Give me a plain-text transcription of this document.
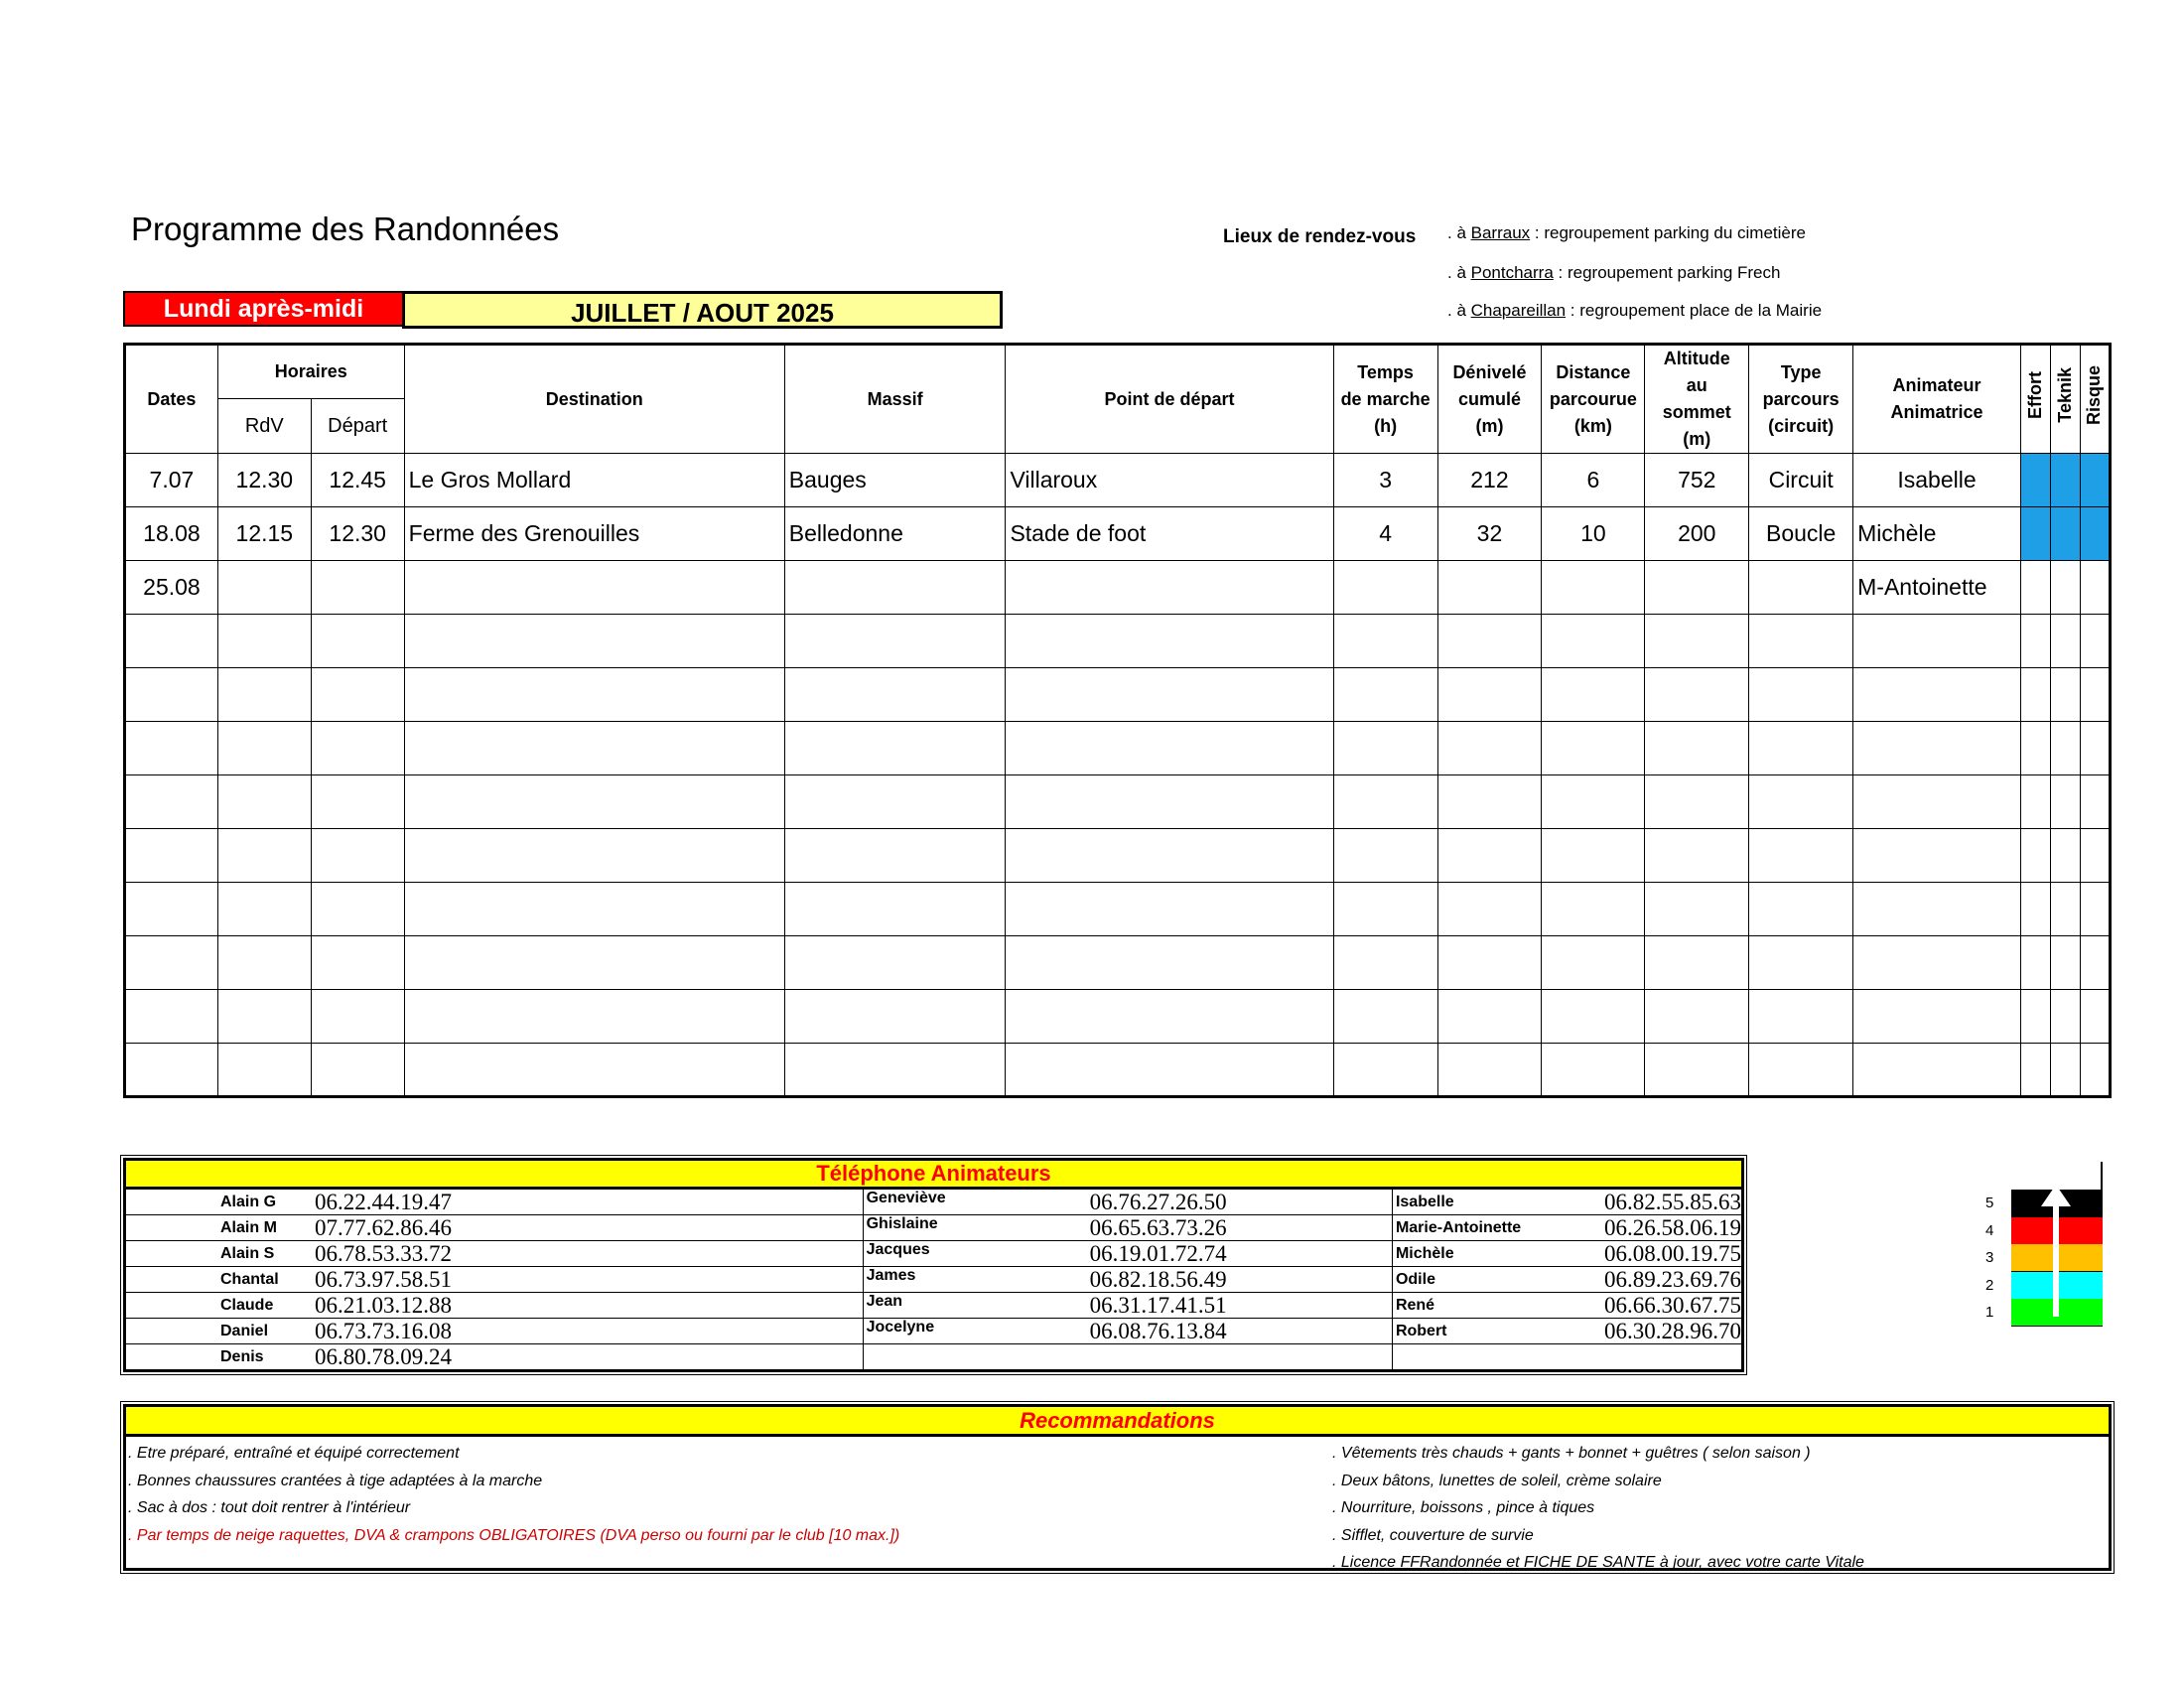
Programme des Randonnées	Lieux de rendez-vous . à Barraux : regroupement parking du cimetière
. à Pontcharra : regroupement parking Frech
. à Chapareillan : regroupement place de la Mairie
Lundi après-midi	JUILLET / AOUT 2025
Dates	Horaires		Destination	Massif	Point de départ	Temps
de marche
(h)	Dénivelé
cumulé
(m)	Distance
parcourue
(km)	Altitude
au
sommet
(m)	Type
parcours
(circuit)	Animateur
Animatrice	Effort	Teknik	Risque
	RdV	Départ												
7.07	12.30	12.45	Le Gros Mollard	Bauges	Villaroux	3	212	6	752	Circuit	Isabelle			
18.08	12.15	12.30	Ferme des Grenouilles	Belledonne	Stade de foot	4	32	10	200	Boucle	Michèle			
25.08											M-Antoinette			

Téléphone Animateurs		

Alain G 06.22.44.19.47	Geneviève 06.76.27.26.50	Isabelle 06.82.55.85.63

Alain M 07.77.62.86.46	Ghislaine 06.65.63.73.26	Marie-Antoinette 06.26.58.06.19

Alain S 06.78.53.33.72	Jacques 06.19.01.72.74	Michèle 06.08.00.19.75

Chantal 06.73.97.58.51	James 06.82.18.56.49	Odile 06.89.23.69.76

Claude 06.21.03.12.88	Jean 06.31.17.41.51	René 06.66.30.67.75

Daniel 06.73.73.16.08	Jocelyne 06.08.76.13.84	Robert 06.30.28.96.70

Denis 06.80.78.09.24		

5
4
3
2
1
Recommandations
. Etre préparé, entraîné et équipé correctement
. Bonnes chaussures crantées à tige adaptées à la marche
. Sac à dos : tout doit rentrer à l'intérieur
. Par temps de neige raquettes, DVA & crampons OBLIGATOIRES (DVA perso ou fourni par le club [10 max.])
. Vêtements très chauds + gants + bonnet + guêtres ( selon saison )
. Deux bâtons, lunettes de soleil, crème solaire
. Nourriture, boissons , pince à tiques
. Sifflet, couverture de survie
. Licence FFRandonnée et FICHE DE SANTE à jour, avec votre carte Vitale
